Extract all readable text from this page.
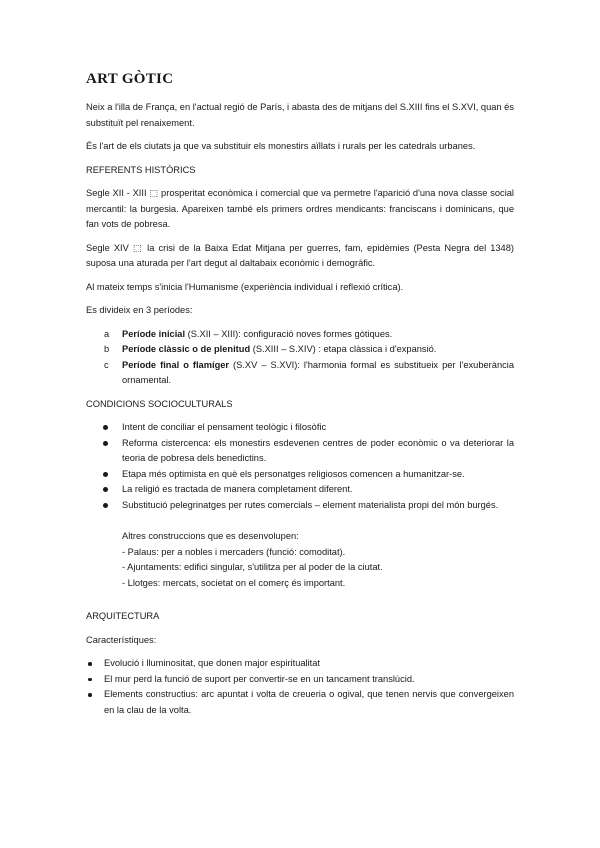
ART GÒTIC

Neix a l'illa de França, en l'actual regió de París, i abasta des de mitjans del S.XIII fins el S.XVI, quan és substituït pel renaixement.

És l'art de els ciutats ja que va substituir els monestirs aïllats i rurals per les catedrals urbanes.

REFERENTS HISTÒRICS

Segle XII - XIII ⬚ prosperitat econòmica i comercial que va permetre l'aparició d'una nova classe social mercantil: la burgesia. Apareixen també els primers ordres mendicants: franciscans i dominicans, que fan vots de pobresa.

Segle XIV ⬚ la crisi de la Baixa Edat Mitjana per guerres, fam, epidèmies (Pesta Negra del 1348) suposa una aturada per l'art degut al daltabaix econòmic i demogràfic.

Al mateix temps s'inicia l'Humanisme (experiència individual i reflexió crítica).

Es divideix en 3 períodes:

a Període inicial (S.XII – XIII): configuració noves formes gòtiques.
b Període clàssic o de plenitud (S.XIII – S.XIV) : etapa clàssica i d'expansió.
c Període final o flamíger (S.XV – S.XVI): l'harmonia formal es substitueix per l'exuberància ornamental.
CONDICIONS SOCIOCULTURALS
Intent de conciliar el pensament teològic i filosòfic
Reforma cistercenca: els monestirs esdevenen centres de poder econòmic o va deteriorar la teoria de pobresa dels benedictins.
Etapa més optimista en què els personatges religiosos comencen a humanitzar-se.
La religió es tractada de manera completament diferent.
Substitució pelegrinatges per rutes comercials – element materialista propi del món burgés.
Altres construccions que es desenvolupen:
- Palaus: per a nobles i mercaders (funció: comoditat).
- Ajuntaments: edifici singular, s'utilitza per al poder de la ciutat.
- Llotges: mercats, societat on el comerç és important.
ARQUITECTURA
Característiques:
Evolució i lluminositat, que donen major espiritualitat
El mur perd la funció de suport per convertir-se en un tancament translúcid.
Elements constructius: arc apuntat i volta de creueria o ogival, que tenen nervis que convergeixen en la clau de la volta.
